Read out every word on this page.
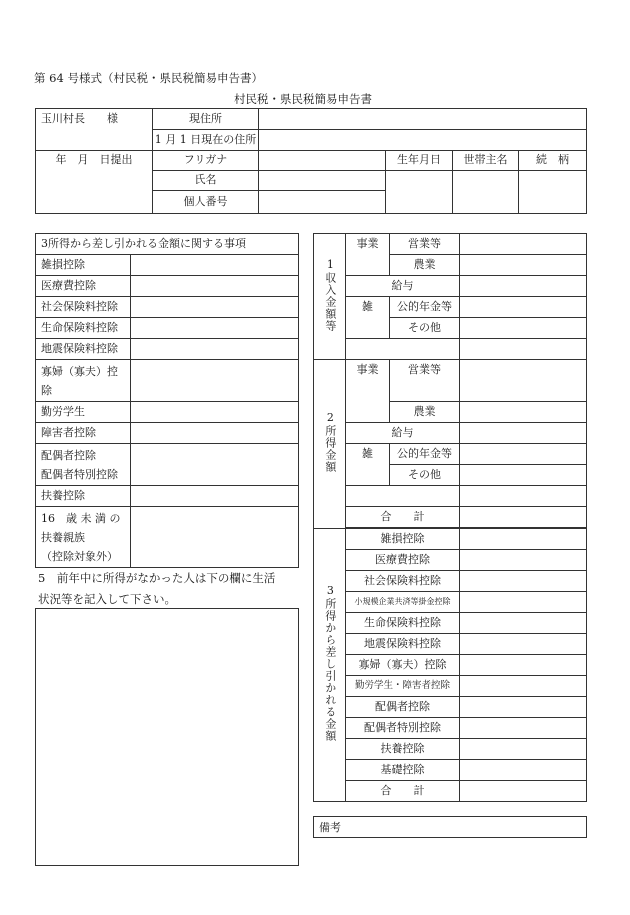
第 64 号様式（村民税・県民税簡易申告書）
村民税・県民税簡易申告書
玉川村長　　様	現住所				
	1 月 1 日現在の住所				
年　月　日提出	フリガナ		生年月日	世帯主名	続　柄
	氏名				
	個人番号				
3所得から差し引かれる金額に関する事項	
雑損控除	
医療費控除	
社会保険料控除	
生命保険料控除	
地震保険料控除	

寡婦（寡夫）控
除	

勤労学生	
障害者控除	

配偶者控除
配偶者特別控除	

扶養控除	

16　歳 未 満 の
扶養親族
（控除対象外）	

5　前年中に所得がなかった人は下の欄に生活
状況等を記入して下さい。
1収入金額等	事業	営業等	
		農業	
	給与		
	雑	公的年金等	
		その他	

2所得金額	事業	営業等	
		農業	
	給与		
	雑	公的年金等	
		その他	

	合　　計		

3所得から差し引かれる金額	雑損控除		
	医療費控除		
	社会保険料控除		
	小規模企業共済等掛金控除		
	生命保険料控除		
	地震保険料控除		
	寡婦（寡夫）控除		
	勤労学生・障害者控除		
	配偶者控除		
	配偶者特別控除		
	扶養控除		
	基礎控除		
	合　　計		
備考
